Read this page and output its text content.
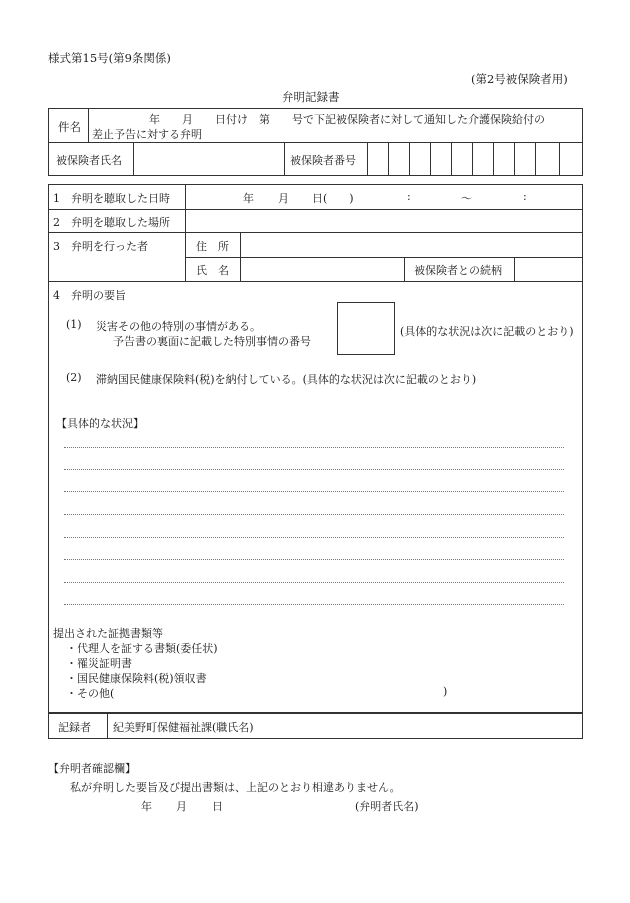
様式第15号(第9条関係)
(第2号被保険者用)
弁明記録書
件名
年　　月　　日付け　第　　号で下記被保険者に対して通知した介護保険給付の
差止予告に対する弁明
被保険者氏名	被保険者番号
1　弁明を聴取した日時	年 月 日(　　)	:	～	:
2　弁明を聴取した場所
3　弁明を行った者	住　所
氏　名	被保険者との続柄
4　弁明の要旨
(1) 災害その他の特別の事情がある。
予告書の裏面に記載した特別事情の番号
(具体的な状況は次に記載のとおり)
(2) 滞納国民健康保険料(税)を納付している。(具体的な状況は次に記載のとおり)
【具体的な状況】
提出された証拠書類等
・代理人を証する書類(委任状)
・罹災証明書
・国民健康保険料(税)領収書
・その他(	)
記録者 紀美野町保健福祉課(職氏名)
【弁明者確認欄】
私が弁明した要旨及び提出書類は、上記のとおり相違ありません。
年 月 日	(弁明者氏名)
